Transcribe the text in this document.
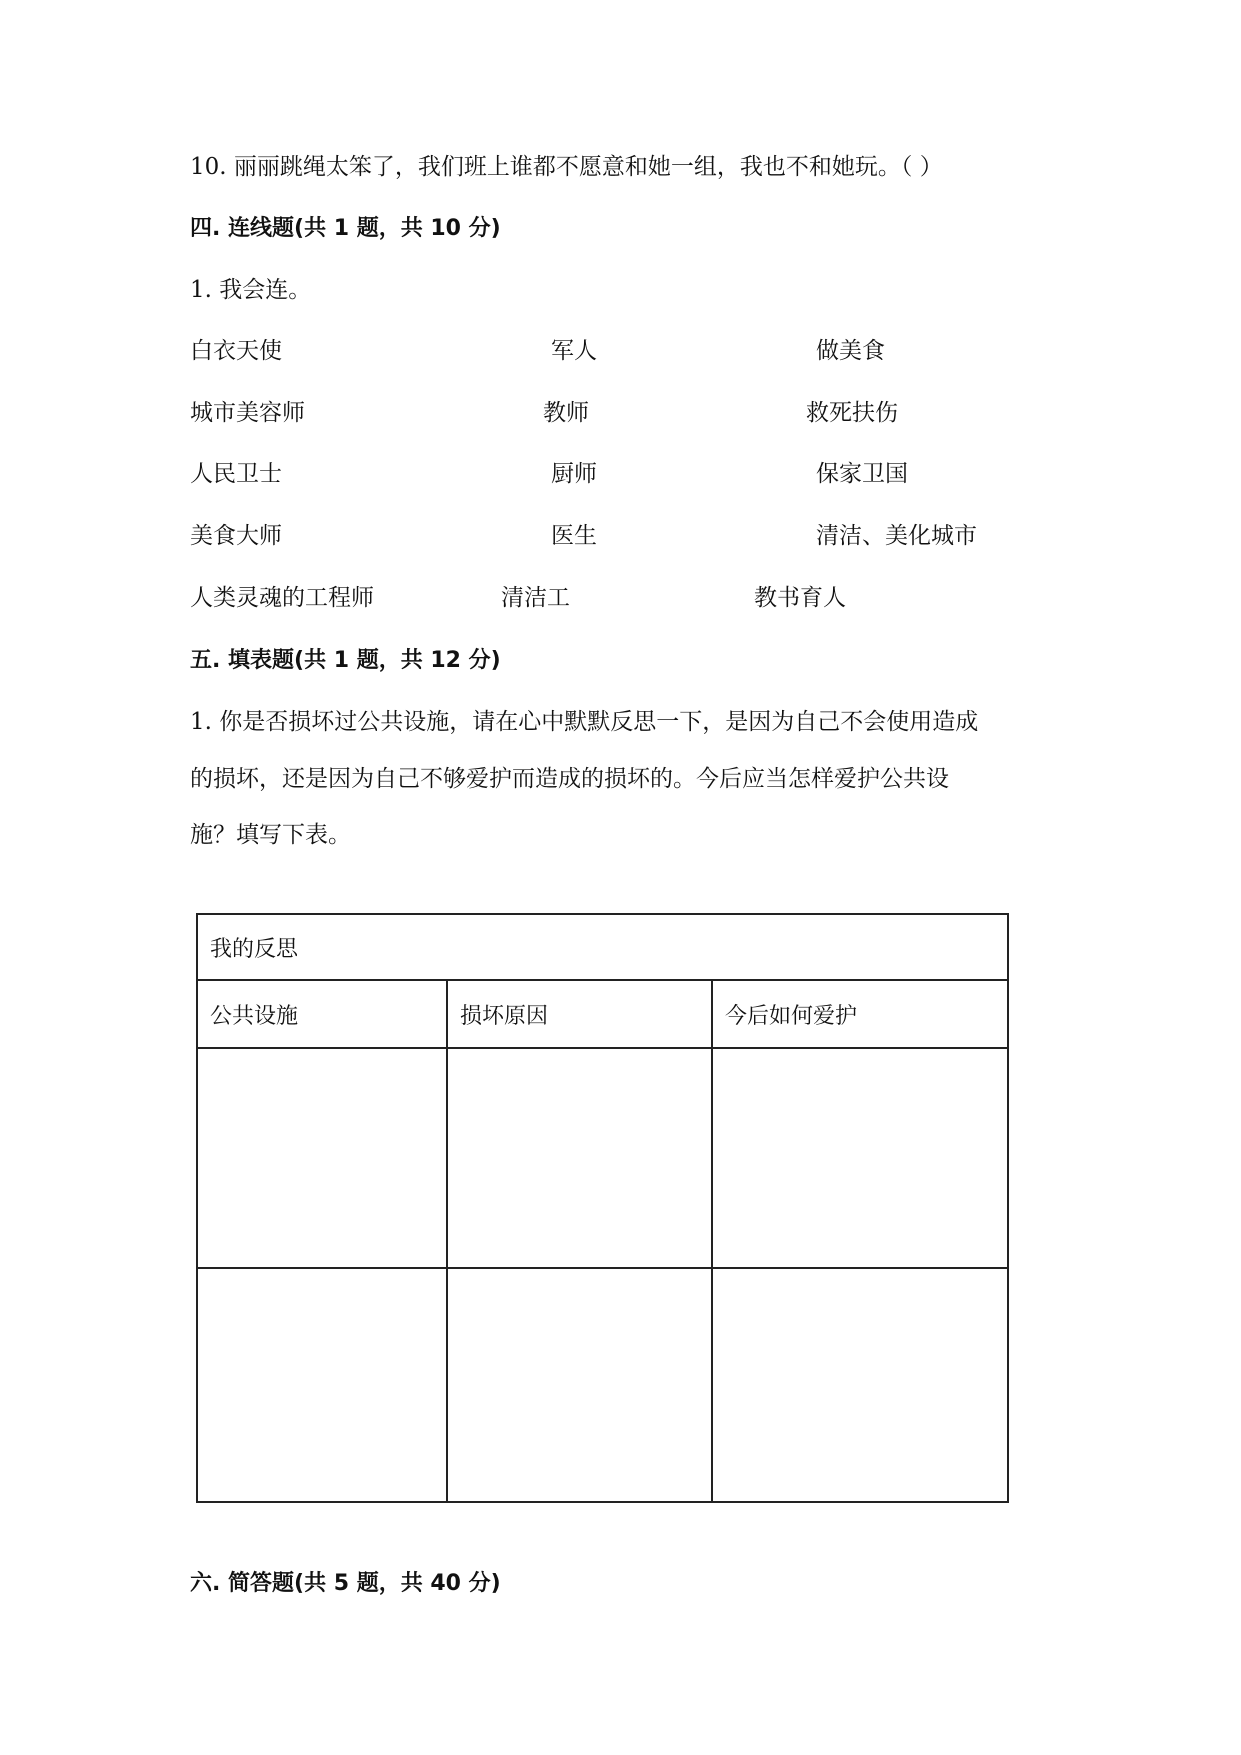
10. 丽丽跳绳太笨了，我们班上谁都不愿意和她一组，我也不和她玩。（ ）
四. 连线题(共 1 题，共 10 分)
1. 我会连。
白衣天使	军人	做美食
城市美容师	教师	救死扶伤
人民卫士	厨师	保家卫国
美食大师	医生	清洁、美化城市
人类灵魂的工程师	清洁工	教书育人
五. 填表题(共 1 题，共 12 分)
1. 你是否损坏过公共设施，请在心中默默反思一下，是因为自己不会使用造成
的损坏，还是因为自己不够爱护而造成的损坏的。今后应当怎样爱护公共设
施？填写下表。
我的反思		
公共设施	损坏原因	今后如何爱护

六. 简答题(共 5 题，共 40 分)
